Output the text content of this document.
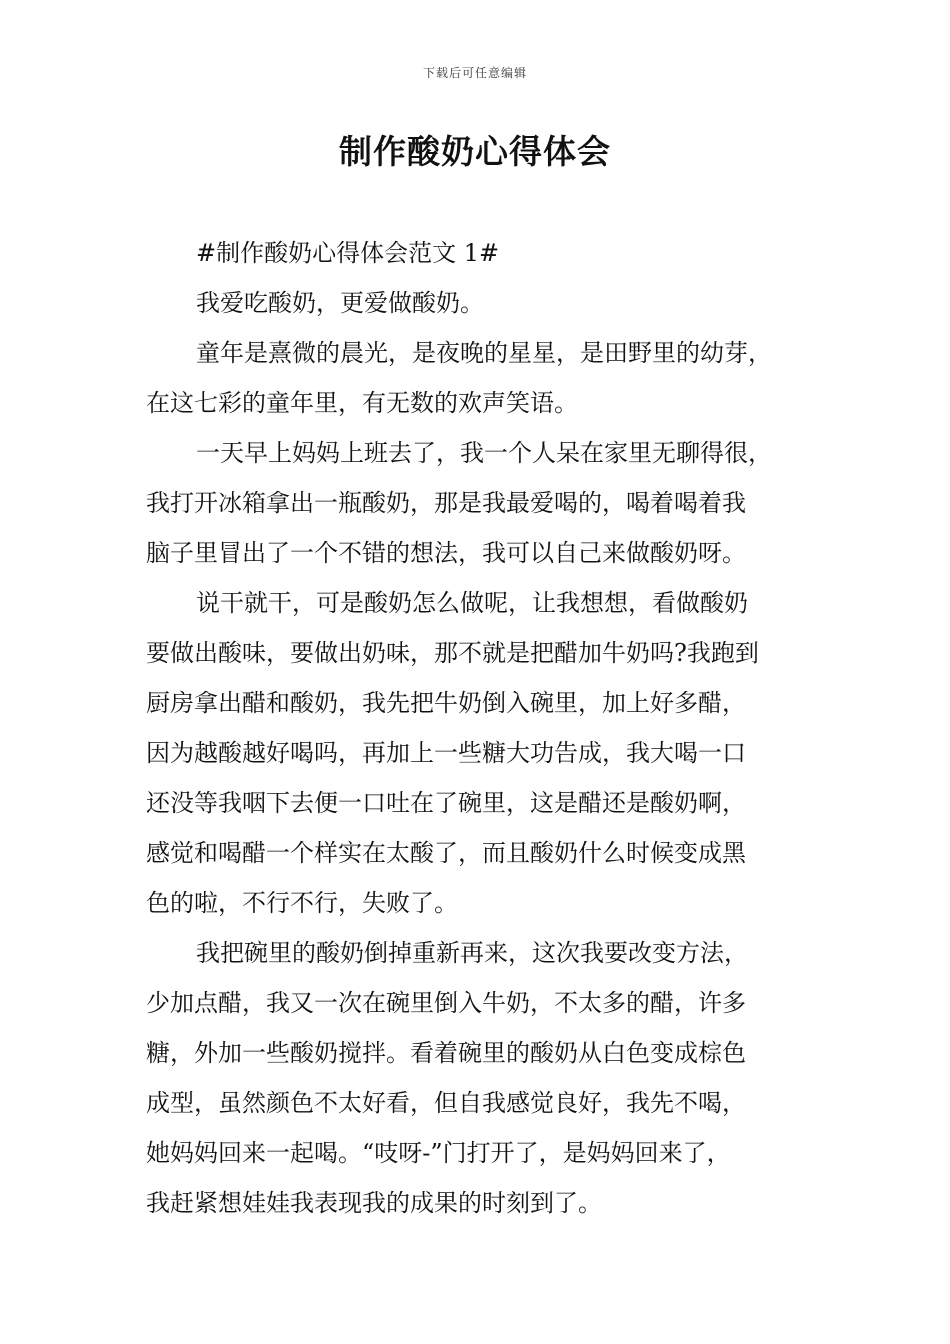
下载后可任意编辑
制作酸奶心得体会
#制作酸奶心得体会范文 1#
我爱吃酸奶，更爱做酸奶。
童年是熹微的晨光，是夜晚的星星，是田野里的幼芽，
在这七彩的童年里，有无数的欢声笑语。
一天早上妈妈上班去了，我一个人呆在家里无聊得很，
我打开冰箱拿出一瓶酸奶，那是我最爱喝的，喝着喝着我
脑子里冒出了一个不错的想法，我可以自己来做酸奶呀。
说干就干，可是酸奶怎么做呢，让我想想，看做酸奶
要做出酸味，要做出奶味，那不就是把醋加牛奶吗?我跑到
厨房拿出醋和酸奶，我先把牛奶倒入碗里，加上好多醋，
因为越酸越好喝吗，再加上一些糖大功告成，我大喝一口
还没等我咽下去便一口吐在了碗里，这是醋还是酸奶啊，
感觉和喝醋一个样实在太酸了，而且酸奶什么时候变成黑
色的啦，不行不行，失败了。
我把碗里的酸奶倒掉重新再来，这次我要改变方法，
少加点醋，我又一次在碗里倒入牛奶，不太多的醋，许多
糖，外加一些酸奶搅拌。看着碗里的酸奶从白色变成棕色
成型，虽然颜色不太好看，但自我感觉良好，我先不喝，
她妈妈回来一起喝。“吱呀-”门打开了，是妈妈回来了，
我赶紧想娃娃我表现我的成果的时刻到了。
